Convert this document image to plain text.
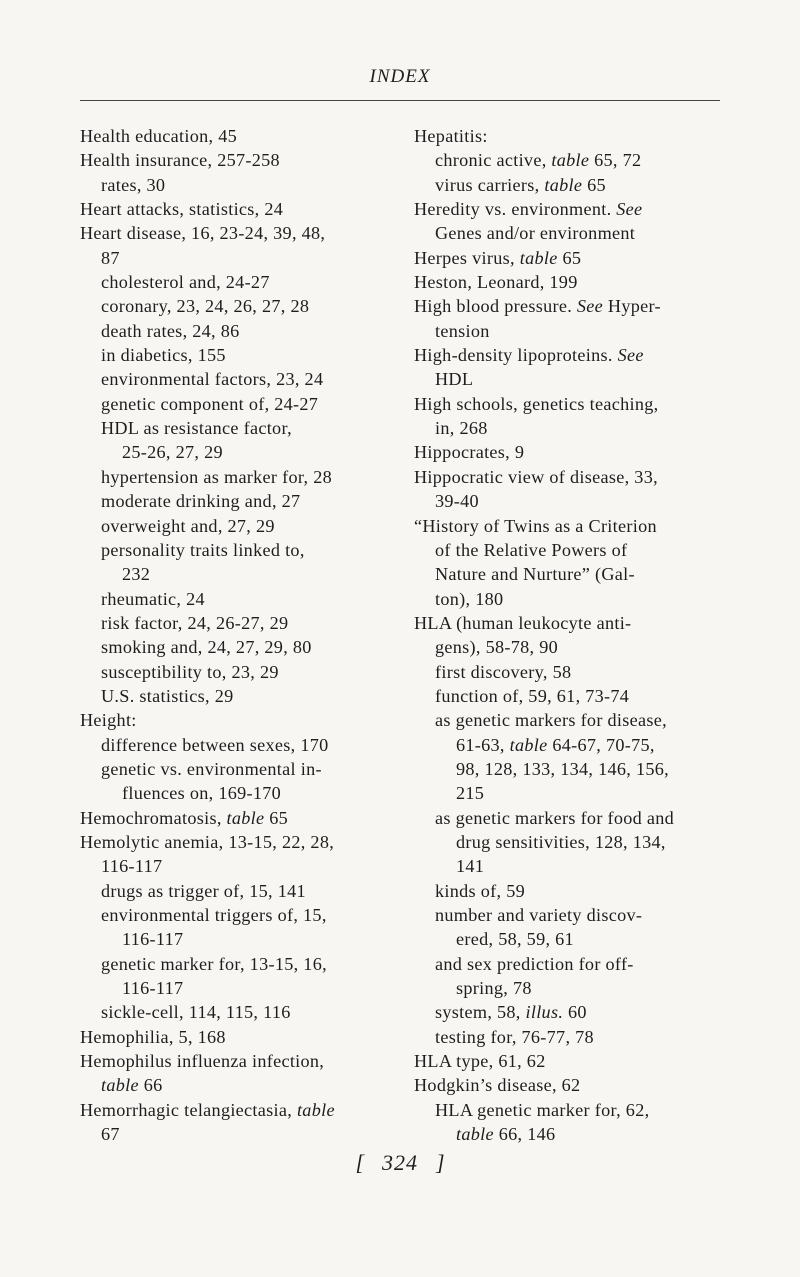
INDEX
Health education, 45
Health insurance, 257-258
rates, 30
Heart attacks, statistics, 24
Heart disease, 16, 23-24, 39, 48,
87
cholesterol and, 24-27
coronary, 23, 24, 26, 27, 28
death rates, 24, 86
in diabetics, 155
environmental factors, 23, 24
genetic component of, 24-27
HDL as resistance factor,
25-26, 27, 29
hypertension as marker for, 28
moderate drinking and, 27
overweight and, 27, 29
personality traits linked to,
232
rheumatic, 24
risk factor, 24, 26-27, 29
smoking and, 24, 27, 29, 80
susceptibility to, 23, 29
U.S. statistics, 29
Height:
difference between sexes, 170
genetic vs. environmental in-
fluences on, 169-170
Hemochromatosis, table 65
Hemolytic anemia, 13-15, 22, 28,
116-117
drugs as trigger of, 15, 141
environmental triggers of, 15,
116-117
genetic marker for, 13-15, 16,
116-117
sickle-cell, 114, 115, 116
Hemophilia, 5, 168
Hemophilus influenza infection,
table 66
Hemorrhagic telangiectasia, table
67
Hepatitis:
chronic active, table 65, 72
virus carriers, table 65
Heredity vs. environment. See
Genes and/or environment
Herpes virus, table 65
Heston, Leonard, 199
High blood pressure. See Hyper-
tension
High-density lipoproteins. See
HDL
High schools, genetics teaching,
in, 268
Hippocrates, 9
Hippocratic view of disease, 33,
39-40
“History of Twins as a Criterion
of the Relative Powers of
Nature and Nurture” (Gal-
ton), 180
HLA (human leukocyte anti-
gens), 58-78, 90
first discovery, 58
function of, 59, 61, 73-74
as genetic markers for disease,
61-63, table 64-67, 70-75,
98, 128, 133, 134, 146, 156,
215
as genetic markers for food and
drug sensitivities, 128, 134,
141
kinds of, 59
number and variety discov-
ered, 58, 59, 61
and sex prediction for off-
spring, 78
system, 58, illus. 60
testing for, 76-77, 78
HLA type, 61, 62
Hodgkin’s disease, 62
HLA genetic marker for, 62,
table 66, 146
[ 324 ]
